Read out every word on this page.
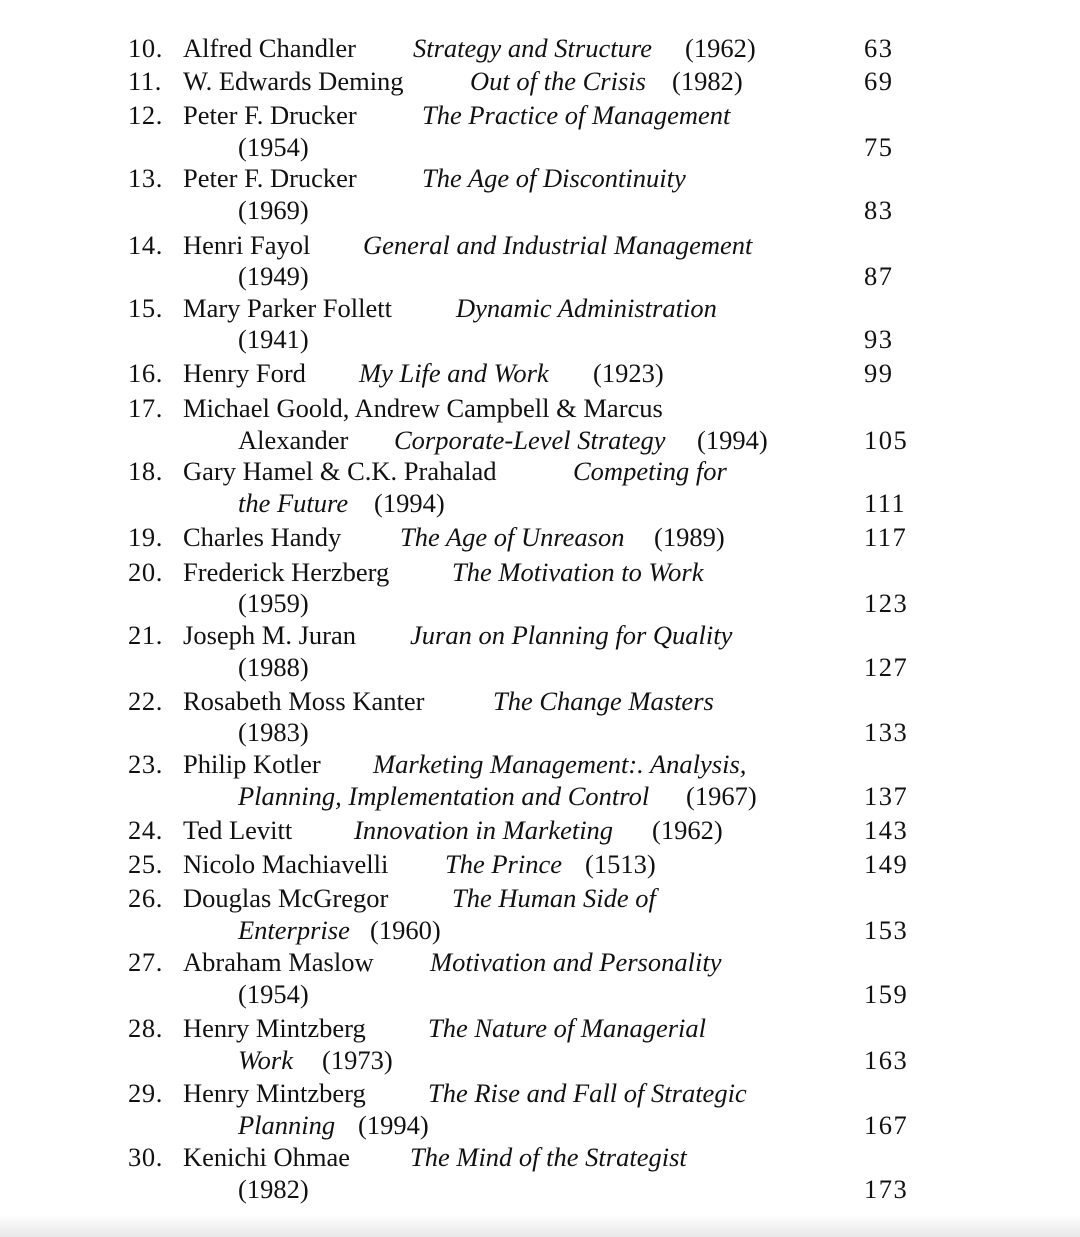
10. Alfred Chandler Strategy and Structure (1962)	63
11. W. Edwards Deming	Out of the Crisis (1982)	69
12. Peter F. Drucker The Practice of Management
(1954)	75
13. Peter F. Drucker The Age of Discontinuity
(1969)	83
14. Henri Fayol General and Industrial Management
(1949)	87
15. Mary Parker Follett Dynamic Administration
(1941)	93
16. Henry Ford My Life and Work (1923)	99
17. Michael Goold, Andrew Campbell & Marcus
Alexander Corporate-Level Strategy (1994)	105
18. Gary Hamel & C.K. Prahalad	Competing for
the Future (1994)	111
19. Charles Handy The Age of Unreason (1989)	117
20. Frederick Herzberg The Motivation to Work
(1959)	123
21. Joseph M. Juran Juran on Planning for Quality
(1988)	127
22. Rosabeth Moss Kanter	The Change Masters
(1983)	133
23. Philip Kotler Marketing Management:. Analysis,
Planning, Implementation and Control (1967)	137
24. Ted Levitt Innovation in Marketing (1962)	143
25. Nicolo Machiavelli The Prince (1513)	149
26. Douglas McGregor The Human Side of
Enterprise (1960)	153
27. Abraham Maslow Motivation and Personality
(1954)	159
28. Henry Mintzberg The Nature of Managerial
Work (1973)	163
29. Henry Mintzberg The Rise and Fall of Strategic
Planning (1994)	167
30. Kenichi Ohmae The Mind of the Strategist
(1982)	173
